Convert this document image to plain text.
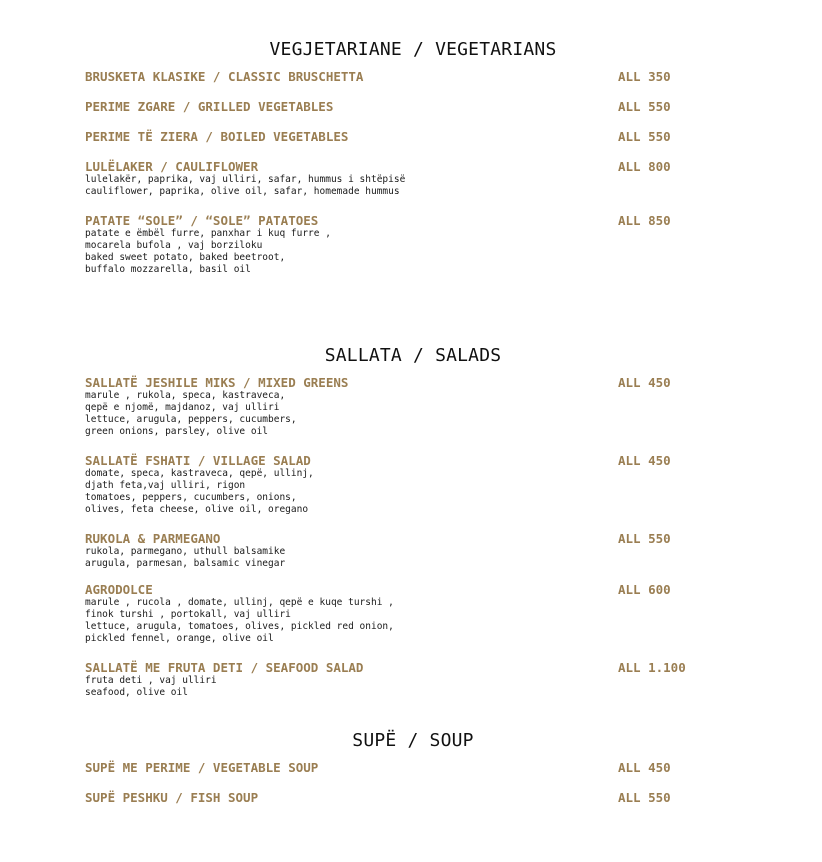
VEGJETARIANE / VEGETARIANS
BRUSKETA KLASIKE / CLASSIC BRUSCHETTA	ALL 350
PERIME ZGARE / GRILLED VEGETABLES	ALL 550
PERIME TË ZIERA / BOILED VEGETABLES	ALL 550
LULËLAKER / CAULIFLOWER	ALL 800
lulelakër, paprika, vaj ulliri, safar, hummus i shtëpisë
cauliflower, paprika, olive oil, safar, homemade hummus
PATATE “SOLE” / “SOLE” PATATOES	ALL 850
patate e ëmbël furre, panxhar i kuq furre ,
mocarela bufola , vaj borziloku
baked sweet potato, baked beetroot,
buffalo mozzarella, basil oil
SALLATA / SALADS
SALLATË JESHILE MIKS / MIXED GREENS	ALL 450
marule , rukola, speca, kastraveca,
qepë e njomë, majdanoz, vaj ulliri
lettuce, arugula, peppers, cucumbers,
green onions, parsley, olive oil
SALLATË FSHATI / VILLAGE SALAD	ALL 450
domate, speca, kastraveca, qepë, ullinj,
djath feta,vaj ulliri, rigon
tomatoes, peppers, cucumbers, onions,
olives, feta cheese, olive oil, oregano
RUKOLA & PARMEGANO	ALL 550
rukola, parmegano, uthull balsamike
arugula, parmesan, balsamic vinegar
AGRODOLCE	ALL 600
marule , rucola , domate, ullinj, qepë e kuqe turshi ,
finok turshi , portokall, vaj ulliri
lettuce, arugula, tomatoes, olives, pickled red onion,
pickled fennel, orange, olive oil
SALLATË ME FRUTA DETI / SEAFOOD SALAD	ALL 1.100
fruta deti , vaj ulliri
seafood, olive oil
SUPË / SOUP
SUPË ME PERIME / VEGETABLE SOUP	ALL 450
SUPË PESHKU / FISH SOUP	ALL 550
